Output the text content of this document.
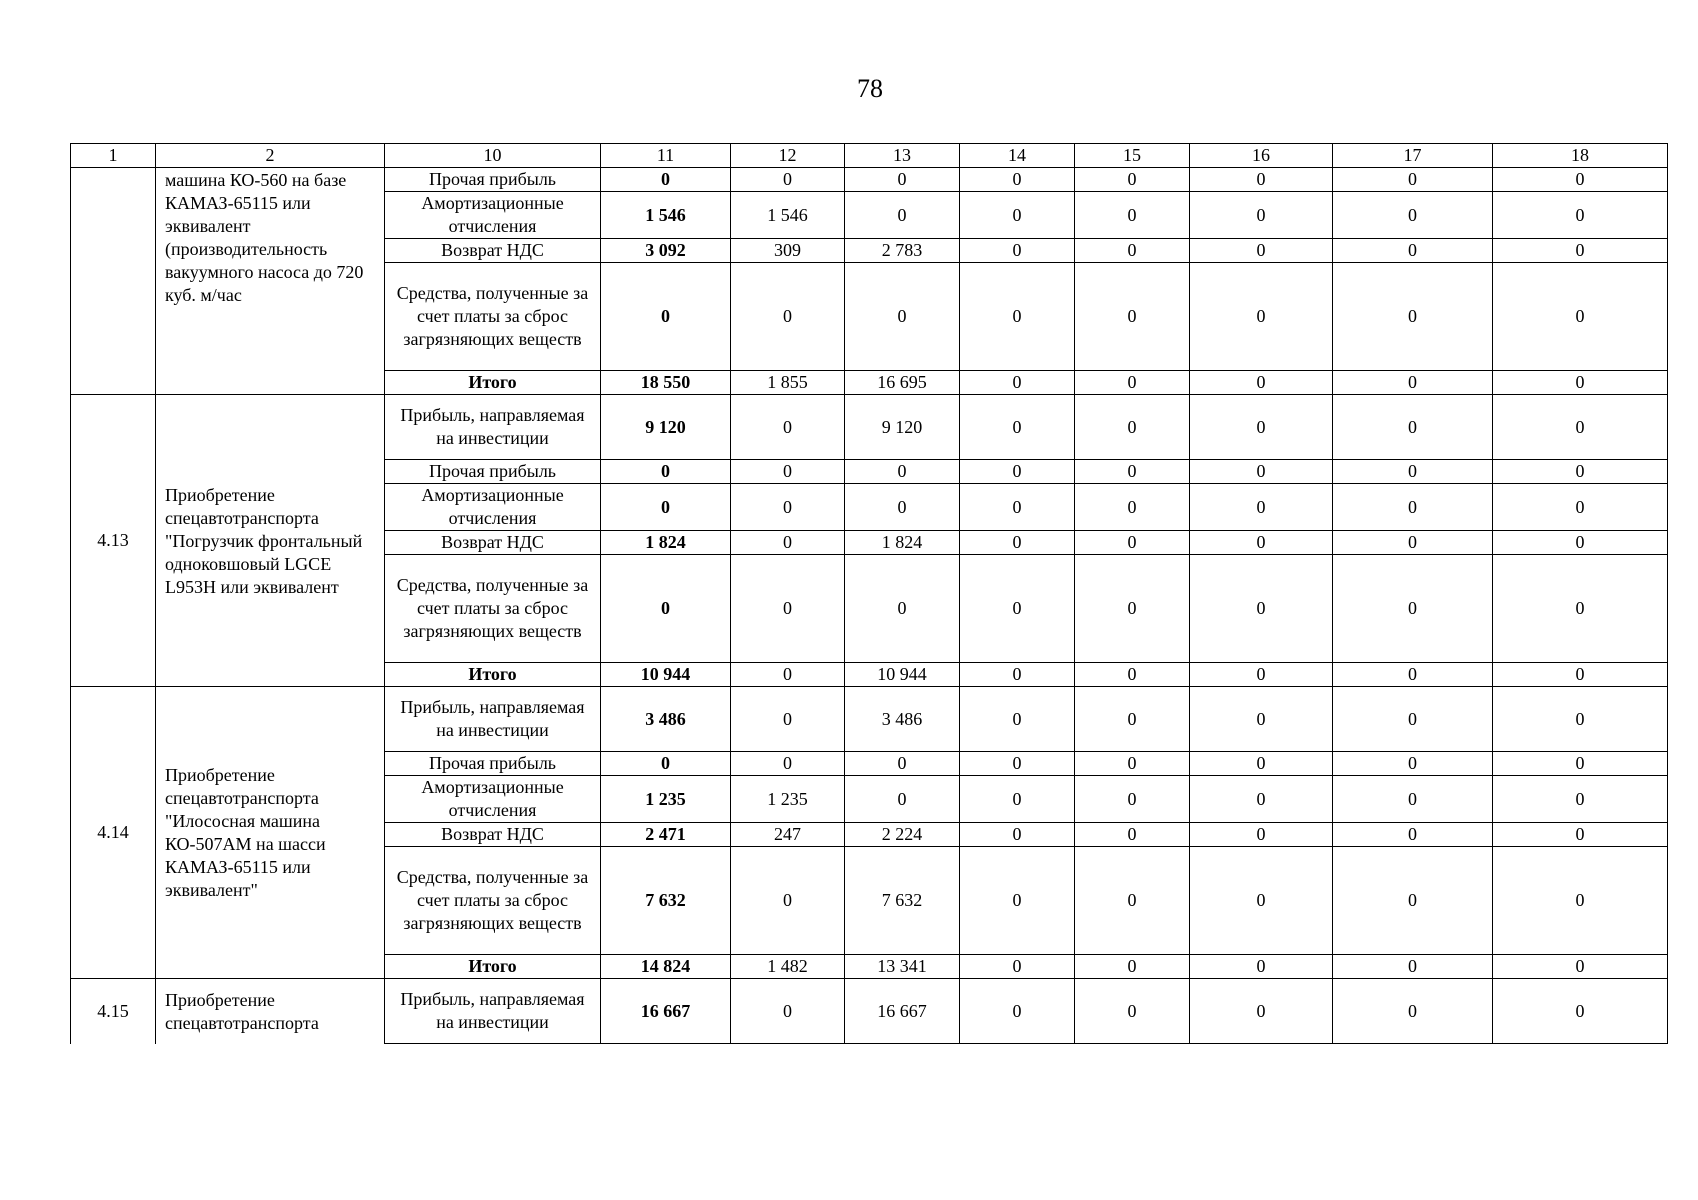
78
1	2	10	11	12	13	14	15	16	17	18
	машина КО-560 на базе КАМАЗ-65115 или эквивалент (производительность вакуумного насоса до 720 куб. м/час	Прочая прибыль	0	0	0	0	0	0	0	0
		Амортизационные отчисления	1 546	1 546	0	0	0	0	0	0
		Возврат НДС	3 092	309	2 783	0	0	0	0	0
		Средства, полученные за счет платы за сброс загрязняющих веществ	0	0	0	0	0	0	0	0
		Итого	18 550	1 855	16 695	0	0	0	0	0
4.13	Приобретение спецавтотранспорта "Погрузчик фронтальный одноковшовый LGCE L953H или эквивалент	Прибыль, направляемая на инвестиции	9 120	0	9 120	0	0	0	0	0
		Прочая прибыль	0	0	0	0	0	0	0	0
		Амортизационные отчисления	0	0	0	0	0	0	0	0
		Возврат НДС	1 824	0	1 824	0	0	0	0	0
		Средства, полученные за счет платы за сброс загрязняющих веществ	0	0	0	0	0	0	0	0
		Итого	10 944	0	10 944	0	0	0	0	0
4.14	Приобретение спецавтотранспорта "Илососная машина КО-507АМ на шасси КАМАЗ-65115 или эквивалент"	Прибыль, направляемая на инвестиции	3 486	0	3 486	0	0	0	0	0
		Прочая прибыль	0	0	0	0	0	0	0	0
		Амортизационные отчисления	1 235	1 235	0	0	0	0	0	0
		Возврат НДС	2 471	247	2 224	0	0	0	0	0
		Средства, полученные за счет платы за сброс загрязняющих веществ	7 632	0	7 632	0	0	0	0	0
		Итого	14 824	1 482	13 341	0	0	0	0	0
4.15	Приобретение спецавтотранспорта	Прибыль, направляемая на инвестиции	16 667	0	16 667	0	0	0	0	0
